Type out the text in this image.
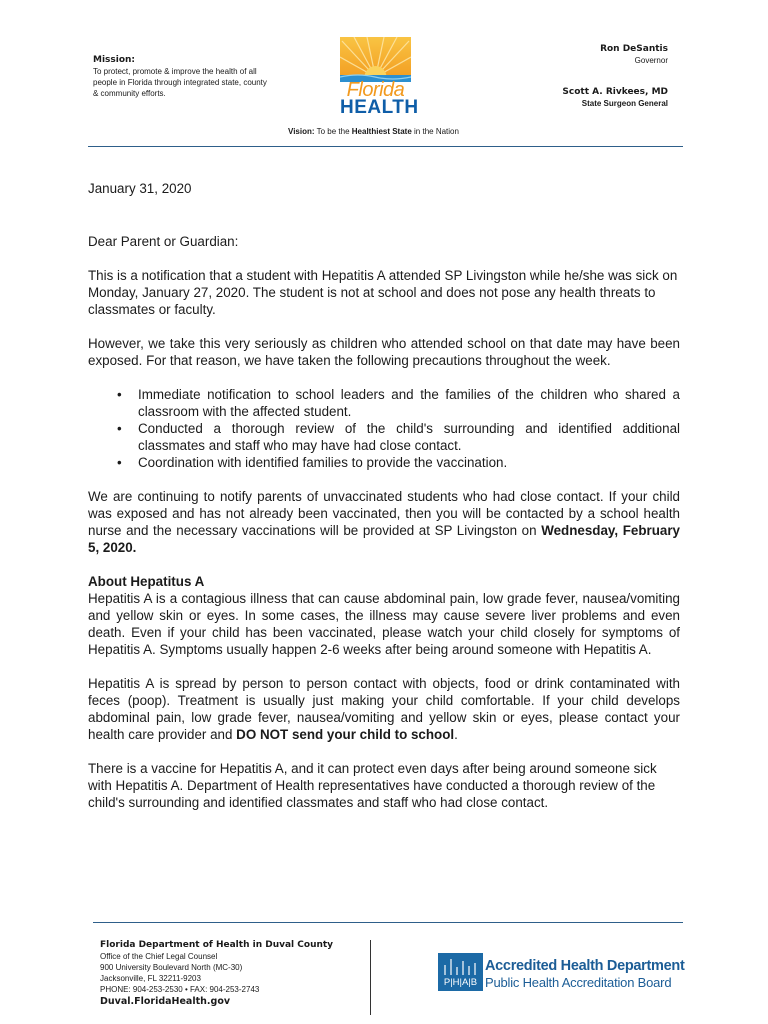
Mission:
To protect, promote & improve the health of all people in Florida through integrated state, county & community efforts.	Florida
HEALTH
Vision: To be the Healthiest State in the Nation
Ron DeSantis
Governor
Scott A. Rivkees, MD
State Surgeon General

January 31, 2020

Dear Parent or Guardian:

This is a notification that a student with Hepatitis A attended SP Livingston while he/she was sick on Monday, January 27, 2020. The student is not at school and does not pose any health threats to classmates or faculty.

However, we take this very seriously as children who attended school on that date may have been exposed. For that reason, we have taken the following precautions throughout the week.

• Immediate notification to school leaders and the families of the children who shared a classroom with the affected student.
• Conducted a thorough review of the child's surrounding and identified additional classmates and staff who may have had close contact.
• Coordination with identified families to provide the vaccination.

We are continuing to notify parents of unvaccinated students who had close contact. If your child was exposed and has not already been vaccinated, then you will be contacted by a school health nurse and the necessary vaccinations will be provided at SP Livingston on Wednesday, February 5, 2020.

About Hepatitus A

Hepatitis A is a contagious illness that can cause abdominal pain, low grade fever, nausea/vomiting and yellow skin or eyes. In some cases, the illness may cause severe liver problems and even death. Even if your child has been vaccinated, please watch your child closely for symptoms of Hepatitis A. Symptoms usually happen 2-6 weeks after being around someone with Hepatitis A.

Hepatitis A is spread by person to person contact with objects, food or drink contaminated with feces (poop). Treatment is usually just making your child comfortable. If your child develops abdominal pain, low grade fever, nausea/vomiting and yellow skin or eyes, please contact your health care provider and DO NOT send your child to school.

There is a vaccine for Hepatitis A, and it can protect even days after being around someone sick with Hepatitis A. Department of Health representatives have conducted a thorough review of the child's surrounding and identified classmates and staff who had close contact.

Florida Department of Health in Duval County
Office of the Chief Legal Counsel
900 University Boulevard North (MC-30)
Jacksonville, FL 32211-9203
PHONE: 904-253-2530 • FAX: 904-253-2743
Duval.FloridaHealth.gov
P|H|A|B
Accredited Health Department
Public Health Accreditation Board
